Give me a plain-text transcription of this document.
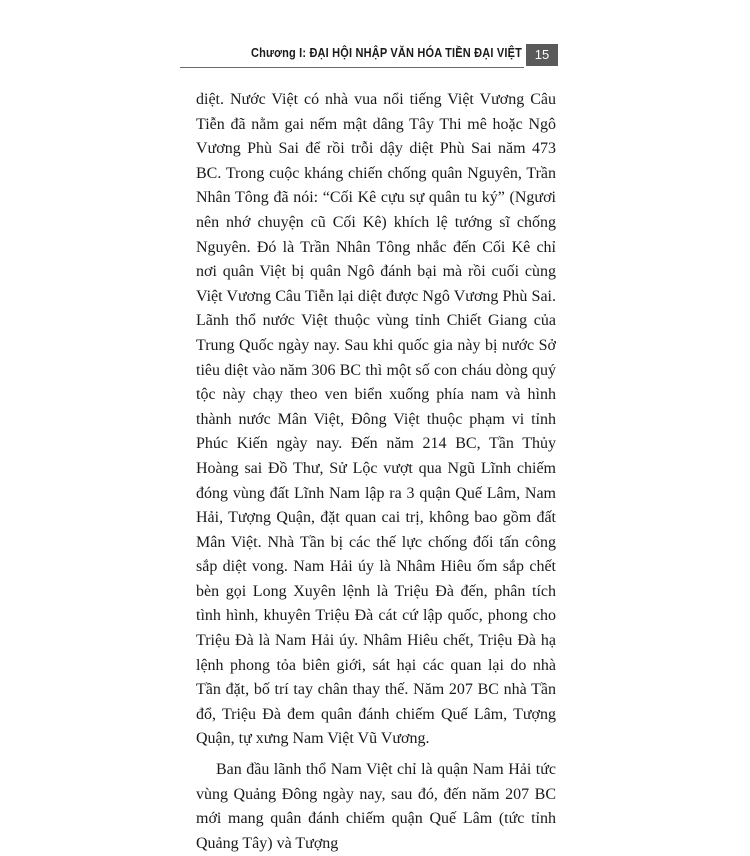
Chương I: ĐẠI HỘI NHẬP VĂN HÓA TIỀN ĐẠI VIỆT 15

diệt. Nước Việt có nhà vua nổi tiếng Việt Vương Câu Tiễn đã nằm gai nếm mật dâng Tây Thi mê hoặc Ngô Vương Phù Sai để rồi trỗi dậy diệt Phù Sai năm 473 BC. Trong cuộc kháng chiến chống quân Nguyên, Trần Nhân Tông đã nói: “Cối Kê cựu sự quân tu ký” (Ngươi nên nhớ chuyện cũ Cối Kê) khích lệ tướng sĩ chống Nguyên. Đó là Trần Nhân Tông nhắc đến Cối Kê chỉ nơi quân Việt bị quân Ngô đánh bại mà rồi cuối cùng Việt Vương Câu Tiễn lại diệt được Ngô Vương Phù Sai. Lãnh thổ nước Việt thuộc vùng tỉnh Chiết Giang của Trung Quốc ngày nay. Sau khi quốc gia này bị nước Sở tiêu diệt vào năm 306 BC thì một số con cháu dòng quý tộc này chạy theo ven biển xuống phía nam và hình thành nước Mân Việt, Đông Việt thuộc phạm vi tỉnh Phúc Kiến ngày nay. Đến năm 214 BC, Tần Thủy Hoàng sai Đồ Thư, Sử Lộc vượt qua Ngũ Lĩnh chiếm đóng vùng đất Lĩnh Nam lập ra 3 quận Quế Lâm, Nam Hải, Tượng Quận, đặt quan cai trị, không bao gồm đất Mân Việt. Nhà Tần bị các thế lực chống đối tấn công sắp diệt vong. Nam Hải úy là Nhâm Hiêu ốm sắp chết bèn gọi Long Xuyên lệnh là Triệu Đà đến, phân tích tình hình, khuyên Triệu Đà cát cứ lập quốc, phong cho Triệu Đà là Nam Hải úy. Nhâm Hiêu chết, Triệu Đà hạ lệnh phong tỏa biên giới, sát hại các quan lại do nhà Tần đặt, bố trí tay chân thay thế. Năm 207 BC nhà Tần đổ, Triệu Đà đem quân đánh chiếm Quế Lâm, Tượng Quận, tự xưng Nam Việt Vũ Vương.

Ban đầu lãnh thổ Nam Việt chỉ là quận Nam Hải tức vùng Quảng Đông ngày nay, sau đó, đến năm 207 BC mới mang quân đánh chiếm quận Quế Lâm (tức tỉnh Quảng Tây) và Tượng
